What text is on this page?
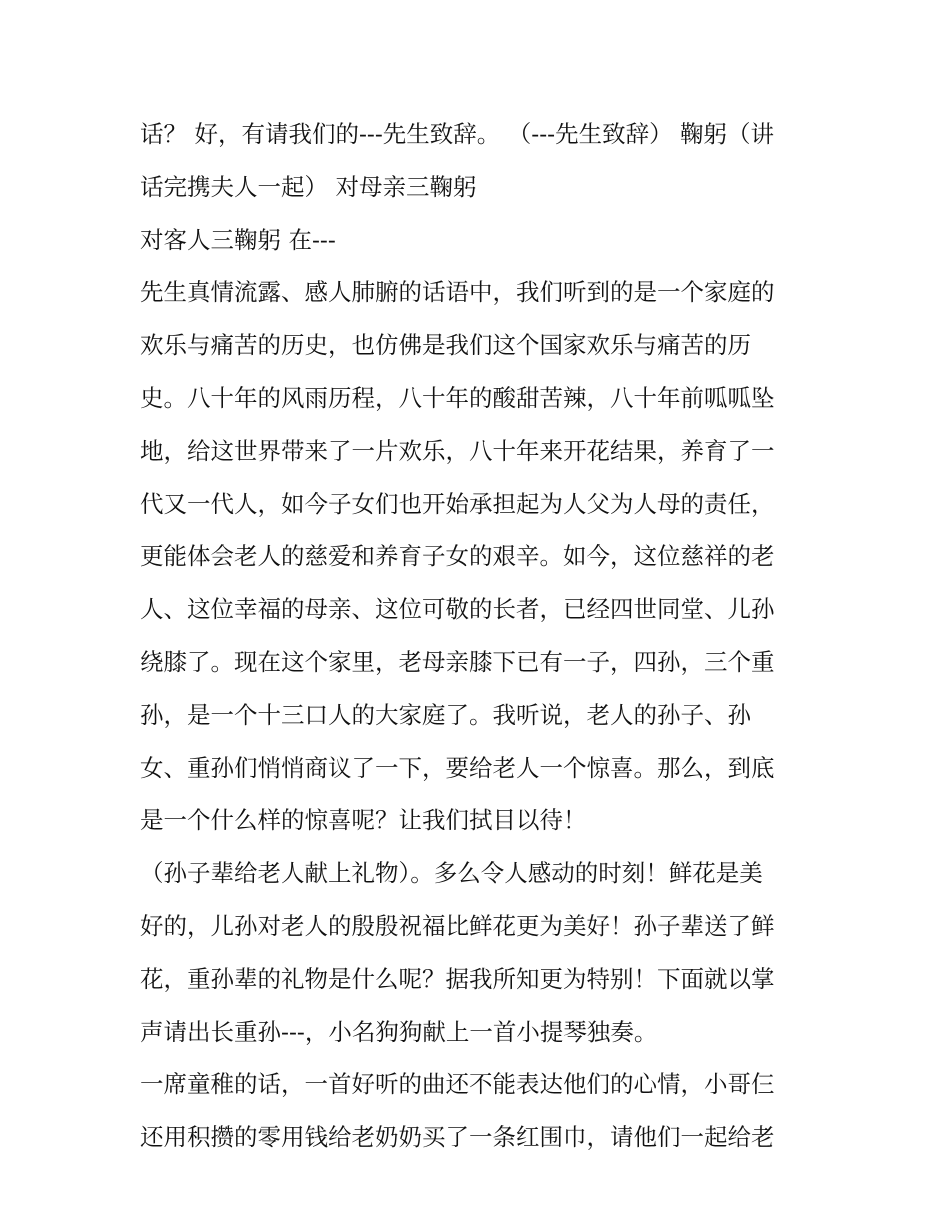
话？ 好，有请我们的---先生致辞。 （---先生致辞） 鞠躬（讲
话完携夫人一起） 对母亲三鞠躬
对客人三鞠躬 在---
先生真情流露、感人肺腑的话语中，我们听到的是一个家庭的
欢乐与痛苦的历史，也仿佛是我们这个国家欢乐与痛苦的历
史。八十年的风雨历程，八十年的酸甜苦辣，八十年前呱呱坠
地，给这世界带来了一片欢乐，八十年来开花结果，养育了一
代又一代人，如今子女们也开始承担起为人父为人母的责任，
更能体会老人的慈爱和养育子女的艰辛。如今，这位慈祥的老
人、这位幸福的母亲、这位可敬的长者，已经四世同堂、儿孙
绕膝了。现在这个家里，老母亲膝下已有一子，四孙，三个重
孙，是一个十三口人的大家庭了。我听说，老人的孙子、孙
女、重孙们悄悄商议了一下，要给老人一个惊喜。那么，到底
是一个什么样的惊喜呢？让我们拭目以待！
（孙子辈给老人献上礼物）。多么令人感动的时刻！鲜花是美
好的，儿孙对老人的殷殷祝福比鲜花更为美好！孙子辈送了鲜
花，重孙辈的礼物是什么呢？据我所知更为特别！下面就以掌
声请出长重孙---，小名狗狗献上一首小提琴独奏。
一席童稚的话，一首好听的曲还不能表达他们的心情，小哥仨
还用积攒的零用钱给老奶奶买了一条红围巾，请他们一起给老
